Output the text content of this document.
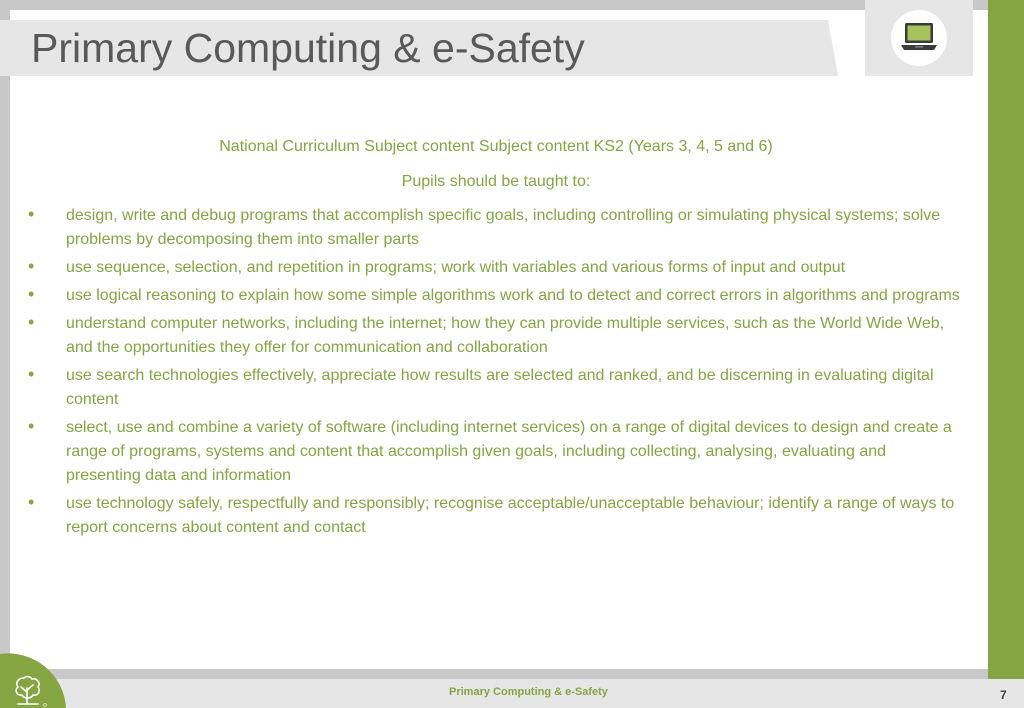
Primary Computing & e-Safety

National Curriculum Subject content Subject content KS2 (Years 3, 4, 5 and 6)

Pupils should be taught to:

• design, write and debug programs that accomplish specific goals, including controlling or simulating physical systems; solve problems by decomposing them into smaller parts
• use sequence, selection, and repetition in programs; work with variables and various forms of input and output
• use logical reasoning to explain how some simple algorithms work and to detect and correct errors in algorithms and programs
• understand computer networks, including the internet; how they can provide multiple services, such as the World Wide Web, and the opportunities they offer for communication and collaboration
• use search technologies effectively, appreciate how results are selected and ranked, and be discerning in evaluating digital content
• select, use and combine a variety of software (including internet services) on a range of digital devices to design and create a range of programs, systems and content that accomplish given goals, including collecting, analysing, evaluating and presenting data and information
• use technology safely, respectfully and responsibly; recognise acceptable/unacceptable behaviour; identify a range of ways to report concerns about content and contact

Primary Computing & e-Safety	7
